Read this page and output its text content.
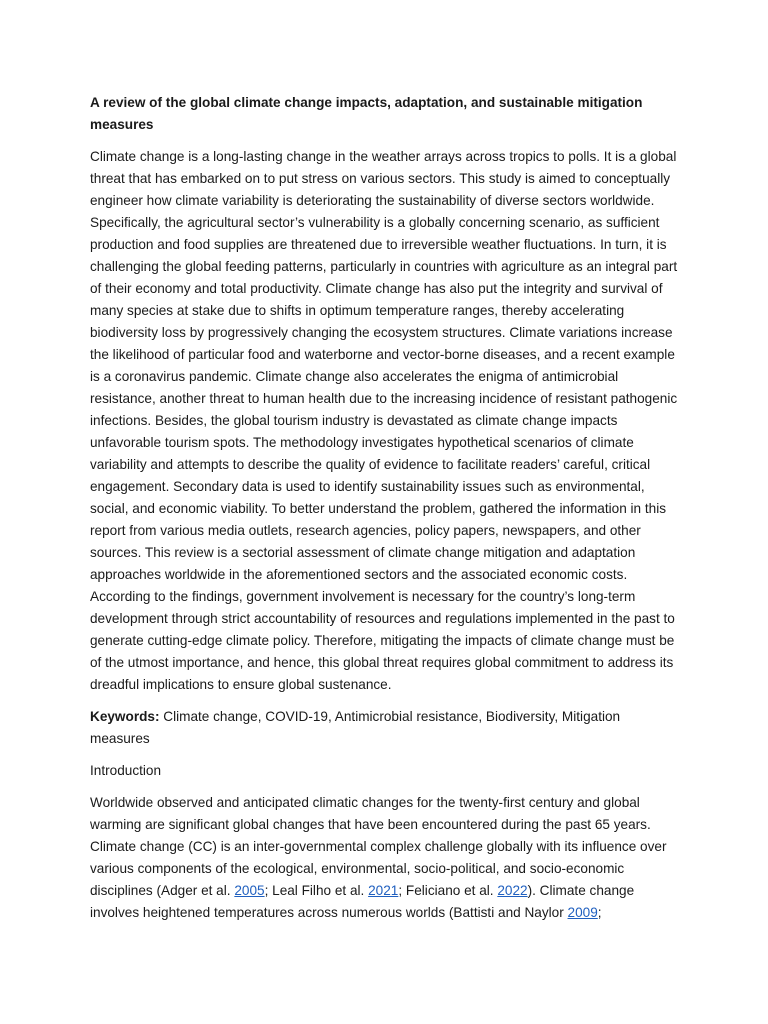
A review of the global climate change impacts, adaptation, and sustainable mitigation measures

Climate change is a long-lasting change in the weather arrays across tropics to polls. It is a global threat that has embarked on to put stress on various sectors. This study is aimed to conceptually engineer how climate variability is deteriorating the sustainability of diverse sectors worldwide. Specifically, the agricultural sector’s vulnerability is a globally concerning scenario, as sufficient production and food supplies are threatened due to irreversible weather fluctuations. In turn, it is challenging the global feeding patterns, particularly in countries with agriculture as an integral part of their economy and total productivity. Climate change has also put the integrity and survival of many species at stake due to shifts in optimum temperature ranges, thereby accelerating biodiversity loss by progressively changing the ecosystem structures. Climate variations increase the likelihood of particular food and waterborne and vector-borne diseases, and a recent example is a coronavirus pandemic. Climate change also accelerates the enigma of antimicrobial resistance, another threat to human health due to the increasing incidence of resistant pathogenic infections. Besides, the global tourism industry is devastated as climate change impacts unfavorable tourism spots. The methodology investigates hypothetical scenarios of climate variability and attempts to describe the quality of evidence to facilitate readers’ careful, critical engagement. Secondary data is used to identify sustainability issues such as environmental, social, and economic viability. To better understand the problem, gathered the information in this report from various media outlets, research agencies, policy papers, newspapers, and other sources. This review is a sectorial assessment of climate change mitigation and adaptation approaches worldwide in the aforementioned sectors and the associated economic costs. According to the findings, government involvement is necessary for the country’s long-term development through strict accountability of resources and regulations implemented in the past to generate cutting-edge climate policy. Therefore, mitigating the impacts of climate change must be of the utmost importance, and hence, this global threat requires global commitment to address its dreadful implications to ensure global sustenance.

Keywords: Climate change, COVID-19, Antimicrobial resistance, Biodiversity, Mitigation measures

Introduction

Worldwide observed and anticipated climatic changes for the twenty-first century and global warming are significant global changes that have been encountered during the past 65 years. Climate change (CC) is an inter-governmental complex challenge globally with its influence over various components of the ecological, environmental, socio-political, and socio-economic disciplines (Adger et al. 2005; Leal Filho et al. 2021; Feliciano et al. 2022). Climate change involves heightened temperatures across numerous worlds (Battisti and Naylor 2009;
